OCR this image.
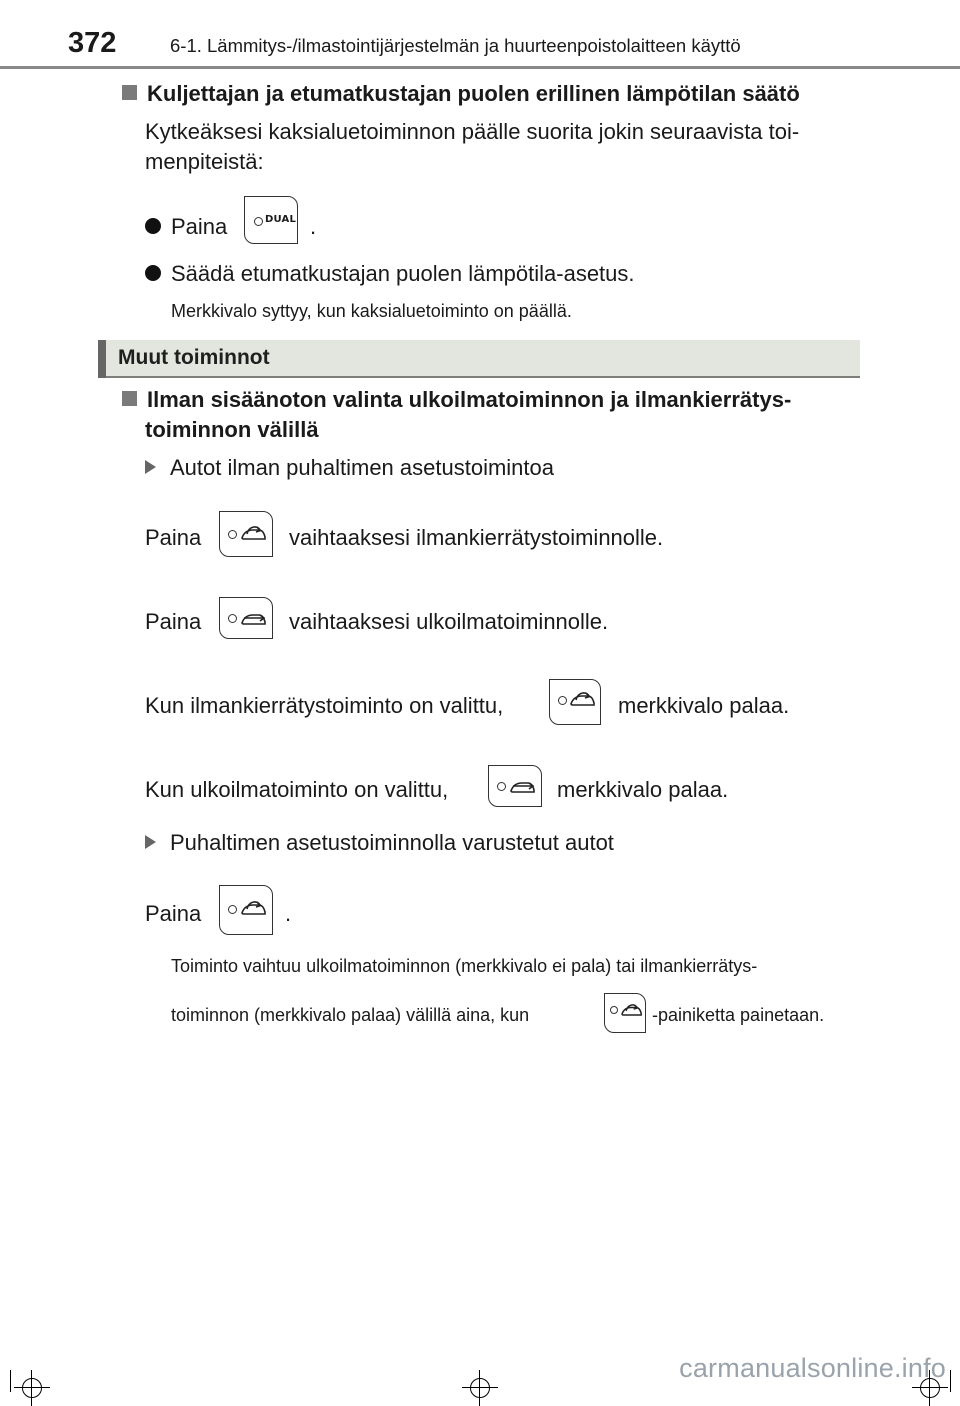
372	6-1. Lämmitys-/ilmastointijärjestelmän ja huurteenpoistolaitteen käyttö
Kuljettajan ja etumatkustajan puolen erillinen lämpötilan säätö
Kytkeäksesi kaksialuetoiminnon päälle suorita jokin seuraavista toi-
menpiteistä:
Paina	DUAL .
Säädä etumatkustajan puolen lämpötila-asetus.
Merkkivalo syttyy, kun kaksialuetoiminto on päällä.
Muut toiminnot
Ilman sisäänoton valinta ulkoilmatoiminnon ja ilmankierrätys-
toiminnon välillä
Autot ilman puhaltimen asetustoimintoa
Paina	vaihtaaksesi ilmankierrätystoiminnolle.
Paina	vaihtaaksesi ulkoilmatoiminnolle.
Kun ilmankierrätystoiminto on valittu,	merkkivalo palaa.
Kun ulkoilmatoiminto on valittu,	merkkivalo palaa.
Puhaltimen asetustoiminnolla varustetut autot
Paina	.
Toiminto vaihtuu ulkoilmatoiminnon (merkkivalo ei pala) tai ilmankierrätys-
toiminnon (merkkivalo palaa) välillä aina, kun	-painiketta painetaan.
carmanualsonline.info
